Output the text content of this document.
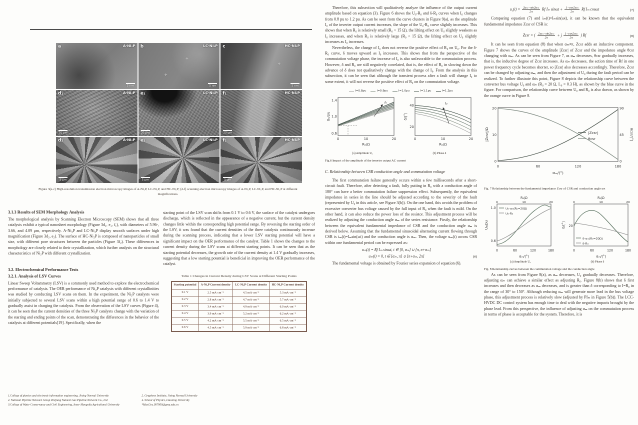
a	A-Ni₂P
5 nm
b	LC-Ni₂P
✛
✛
5 nm
c	HC-Ni₂P
✛
5 nm
d₁	A-Ni₂P
20 μm
e₁	LC-Ni₂P
20 μm
f₁	HC-Ni₂P
20 μm
d₂	A-Ni₂P
5 μm
e₂	LC-Ni₂P
5 μm
f₂	HC-Ni₂P
5 μm
Figure 3(a-c) High-resolution transmission electron microscopy images of A-Ni₂P, LC-Ni₂P, and HC-Ni₂P; (d-f) scanning electron microscopy images of A-Ni₂P, LC-Ni₂P, and HC-Ni₂P at different magnifications.
3.1.3 Results of SEM Morphology Analysis

The morphological analysis by Scanning Electron Microscopy (SEM) shows that all three catalysts exhibit a typical nanosheet morphology (Figure 3d₁, e₁, f₁), with diameters of 5.96-, 3.66, and 4.09 μm, respectively. A-Ni₂P and LC-Ni₂P display smooth surfaces under high magnification (Figure 3d₂, e₂). The surface of HC-Ni₂P is composed of nanoparticles of small size, with different pore structures between the particles (Figure 3f₂). These differences in morphology are closely related to their crystallization, which further analysis on the structural characteristics of Ni₂P with different crystallization.

3.2. Electrochemical Performance Tests
3.2.1. Analysis of LSV Curves

Linear Sweep Voltammetry (LSV) is a commonly used method to explore the electrochemical performance of catalysts. The OER performance of Ni₂P catalysts with different crystallinities was studied by conducting LSV scans on them. In the experiment, the Ni₂P catalysts were initially subjected to several LSV scans within a high potential range of 0.6 to 1.4 V to gradually assist in charging the catalysts. From the observation of the LSV curves (Figure 4), it can be seen that the current densities of the three Ni₂P catalysts change with the variation of the starting and ending points of the scan, demonstrating the differences in the behavior of the catalysts at different potentials[19]. Specifically, when the

starting point of the LSV scan shifts from 0.1 V to 0.6 V, the surface of the catalyst undergoes discharge, which is reflected in the appearance of a negative current, but the current density changes little within the corresponding high potential range. By reversing the starting order of the LSV, it was found that the current densities of the three catalysts continuously increase during the scanning process, indicating that a lower LSV starting potential will have a significant impact on the OER performance of the catalyst. Table 1 shows the changes to the current density during the LSV scans at different starting points. It can be seen that as the starting potential decreases, the growth rate of the current density at 1.4 V gradually increases, suggesting that a low starting potential is beneficial in improving the OER performance of the catalyst.

Table 1 Changes in Current Density during LSV Scans at Different Starting Points
Starting potential	A-Ni₂P Current density	LC-Ni₂P Current density	HC-Ni₂P Current density
0.1 V	2.5 mA·cm⁻²	4.5 mA·cm⁻²	5.3 mA·cm⁻²
0.2 V	2.8 mA·cm⁻²	4.7 mA·cm⁻²	5.7 mA·cm⁻²
0.3 V	3.4 mA·cm⁻²	4.9 mA·cm⁻²	6.0 mA·cm⁻²
0.4 V	3.9 mA·cm⁻²	5.2 mA·cm⁻²	6.2 mA·cm⁻²
0.5 V	4.2 mA·cm⁻²	5.5 mA·cm⁻²	6.5 mA·cm⁻²
0.6 V	4.5 mA·cm⁻²	5.9 mA·cm⁻²	6.8 mA·cm⁻²
1.College of physics and electronic information engineering, Jining Normal University
2. National Pipeline Network Group Zhejiang Natural Gas Pipeline Network Co., Ltd
3.College of Water Conservancy and Civil Engineering, Inner Mongolia Agricultural University
2. Graphene Institute, Jining Normal University
4. School of Physics, Liaoning University
*Mar.Gra.007900@gma.edu.cn

Therefore, this subsection will qualitatively analyze the influence of the output current amplitude based on equation (3). Figure 6 shows the U₀-R₀ and δ-R₀ curves when I₀ changes from 0.8 pu to 1.2 pu. As can be seen from the curve clusters in Figure 9(a), as the amplitude I₀ of the inverter output current increases, the slope of the U₀-R₀ curve slightly increases. This shows that when R₀ is relatively small (R₀ < 15 Ω), the lifting effect on U₀ slightly weakens as I₀ increases, and when R₀ is relatively large (R₀ > 15 Ω), the lifting effect on U₀ slightly increases as I₀ increases.

Nevertheless, the change of I₀ does not reverse the positive effect of R₀ on U₀. For the δ-R₀ curve, δ moves upward as I₀ increases. This shows that from the perspective of the commutation voltage phase, the increase of I₀ is also unfavorable to the commutation process. However, δ and R₀ are still negatively correlated, that is, the effect of R₀ in slowing down the advance of δ does not qualitatively change with the change of I₀. From the analysis in this subsection, it can be seen that although the transient process after a fault will change I₀ to some extent, it will not reverse the positive effect of R₀ on the commutation voltage.

I=0.8pu I=0.9pu I=1.0pu I=1.1pu I=1.2pu
I₀
1.4
1.0
0.6
0	10	20
R₀/Ω
U₀/pu
(a) Amplitude U₀
I₀
40
20
0	10	20
R₀/Ω
δ/(°)
(b) Phase δ
Fig.6 Impact of the amplitude of the inverter output AC current
C. Relationship between CSR conduction angle and commutation voltage

The first commutation failure generally occurs within a few milliseconds after a short-circuit fault. Therefore, after detecting a fault, fully putting in R₀ with a conduction angle of 180° can have a better commutation failure suppression effect. Subsequently, the equivalent impedance in series in the line should be adjusted according to the severity of the fault (represented by U₀ in this article, see Figure 3(b)). On the one hand, this avoids the problem of excessive converter bus voltage caused by the full input of R₀ when the fault is mild. On the other hand, it can also reduce the power loss of the resistor. This adjustment process will be realized by adjusting the conduction angle αₘ of the series resistance. Firstly, the relationship between the equivalent fundamental impedance of CSR and the conduction angle αₘ is derived below. Assuming that the fundamental sinusoidal alternating current flowing through CSR is iₘ(t)=Iₘsin(ωt) and the conduction angle is αₘ. Then, the voltage uₘ(t) across CSR within one fundamental period can be expressed as:

uₘ(t) = Rf Iₘ sinωt, t ∈ [0, αₘ] ∪ [π, π+αₘ]
uₘ(t) = 0, t ∈ [αₘ, π] ∪ [π+αₘ, 2π]	(6)

The fundamental voltage is obtained by Fourier series expansion of equation (6).

$u_1(t) = \frac{\text{2αₘ−sin2αₘ}}{2\pi}$ Rf Iₘ $\sin\omega t + \frac{\text{1−cos2αₘ}}{2\pi}$ Rf Iₘ cosωt	(7)

Comparing equation (7) and iₘ(t)=Iₘsin(ωt), it can be known that the equivalent fundamental impedance Zcsr of CSR is:

Zcsr = ( $\frac{\text{2αₘ−sin2αₘ}}{2\pi} + j \frac{\text{1−cos2αₘ}}{2\pi}$ ) Rf	(8)

It can be seen from equation (8) that when αₘ≠π, Zcsr adds an inductive component. Figure 7 shows the curves of the amplitude |Zcsr| of Zcsr and the impedance angle θcsr changing with αₘ. As can be seen from Figure 7, as αₘ decreases, θcsr gradually increases, that is, the inductive degree of Zcsr increases. As αₘ decreases, the action time of Rf in one power frequency cycle becomes shorter, so |Zcsr| also decreases accordingly. Therefore, Zcsr can be changed by adjusting αₘ, and then the adjustment of U₀ during the fault period can be realized. To further illustrate this point, Figure 8 depicts the relationship curve between the converter bus voltage U₀ and αₘ (R₀ = 20 Ω, L₀ = 0.3 H), as shown by the blue curve in the figure. For comparison, the relationship curve between U₀ and R₀ is also drawn, as shown by the orange curve in Figure 8.

|Zcsr|
θcsr
20
10
0
90
45
0
0	60	120	180
αₘ/(°)
|Zcsr|/Ω	θcsr/(°)
Fig. 7 Relationship between the fundamental impedance Zcsr of CSR and conduction angle αₘ
R₀/Ω
0	10	20
U₀-αₘ(R₀=20Ω)
U₀-R₀
1.0
0.6
0	60	120	180
αₘ/(°)
U₀/pu
(a) Amplitude U₀
R₀/Ω
0	10	20
δ-αₘ(R₀=20Ω)
δ-R₀
20
0	60	120	180
αₘ/(°)
δ/(°)
(b) Phase δ
Fig. 8 Relationship curves between the commutation voltage and the conduction angle

As can be seen from Figure 8(a), as αₘ decreases, U₀ gradually decreases. Therefore, adjusting αₘ can achieve a similar effect as adjusting R₀. Figure 8(b) shows that δ first increases and then decreases as αₘ decreases, and is greater than δ corresponding to I=R₀ in the range of 30° to 150°. Although reducing αₘ will generate more lead in the bus voltage phase, this adjustment process is relatively slow (adjusted by PIₘ in Figure 5(b)). The LCC-HVDC DC control system has enough time to deal with the negative impacts brought by the phase lead. From this perspective, the influence of adjusting αₘ on the commutation process in terms of phase is acceptable for the system. Therefore, it is
